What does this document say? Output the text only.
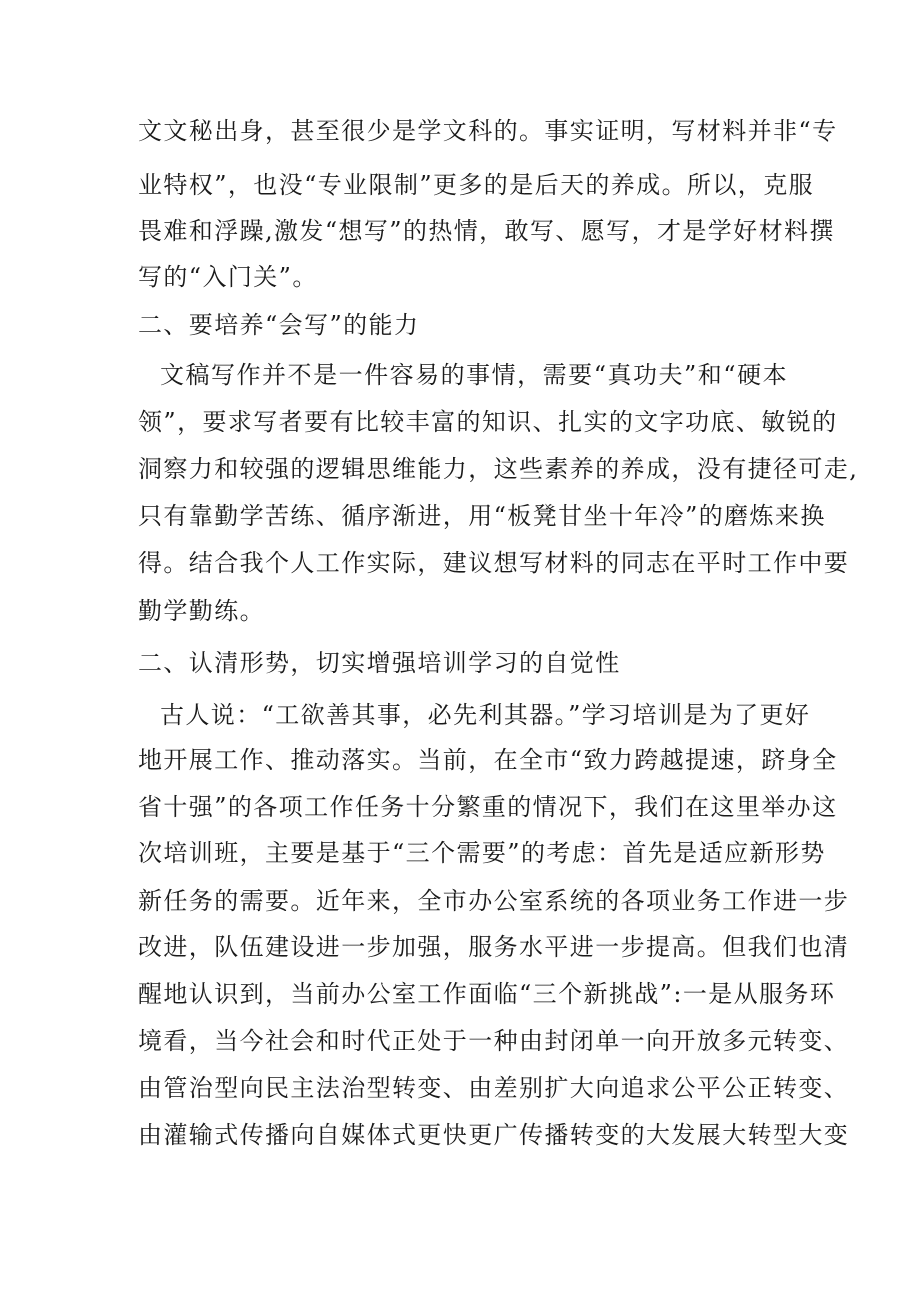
文文秘出身，甚至很少是学文科的。事实证明，写材料并非“专
业特权”，也没“专业限制”更多的是后天的养成。所以，克服
畏难和浮躁,激发“想写”的热情，敢写、愿写，才是学好材料撰
写的“入门关”。
二、要培养“会写”的能力
文稿写作并不是一件容易的事情，需要“真功夫”和“硬本
领”，要求写者要有比较丰富的知识、扎实的文字功底、敏锐的
洞察力和较强的逻辑思维能力，这些素养的养成，没有捷径可走,
只有靠勤学苦练、循序渐进，用“板凳甘坐十年冷”的磨炼来换
得。结合我个人工作实际，建议想写材料的同志在平时工作中要
勤学勤练。
二、认清形势，切实增强培训学习的自觉性
古人说：“工欲善其事，必先利其器。”学习培训是为了更好
地开展工作、推动落实。当前，在全市“致力跨越提速，跻身全
省十强”的各项工作任务十分繁重的情况下，我们在这里举办这
次培训班，主要是基于“三个需要”的考虑：首先是适应新形势
新任务的需要。近年来，全市办公室系统的各项业务工作进一步
改进，队伍建设进一步加强，服务水平进一步提高。但我们也清
醒地认识到，当前办公室工作面临“三个新挑战”:一是从服务环
境看，当今社会和时代正处于一种由封闭单一向开放多元转变、
由管治型向民主法治型转变、由差别扩大向追求公平公正转变、
由灌输式传播向自媒体式更快更广传播转变的大发展大转型大变
